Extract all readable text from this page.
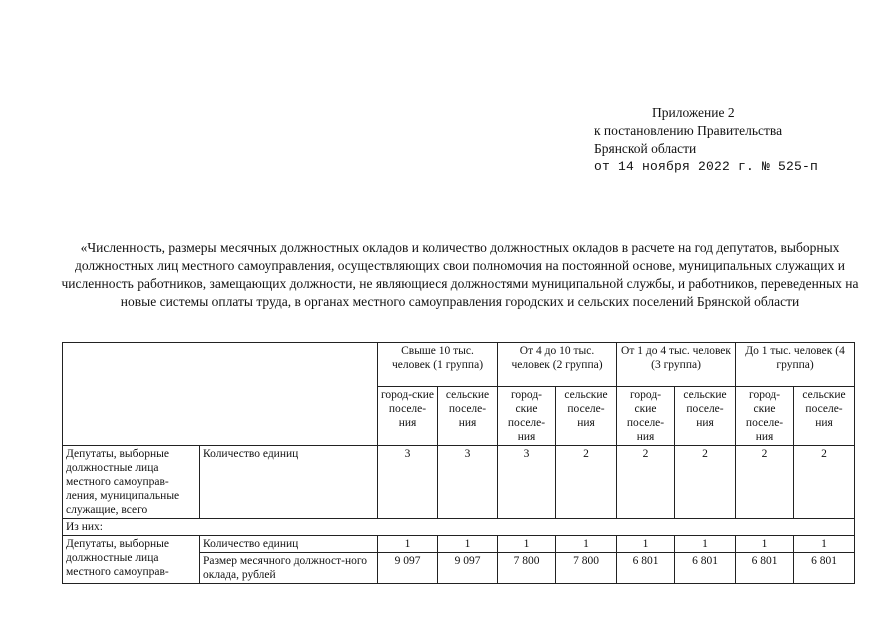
Приложение 2
к постановлению Правительства
Брянской области
от 14 ноября 2022 г. № 525-п
«Численность, размеры месячных должностных окладов и количество должностных окладов в расчете на год депутатов, выборных должностных лиц местного самоуправления, осуществляющих свои полномочия на постоянной основе, муниципальных служащих и численность работников, замещающих должности, не являющиеся должностями муниципальной службы, и работников, переведенных на новые системы оплаты труда, в органах местного самоуправления городских и сельских поселений Брянской области
		Свыше 10 тыс. человек (1 группа)		От 4 до 10 тыс. человек (2 группа)		От 1 до 4 тыс. человек (3 группа)		До 1 тыс. человек (4 группа)	
		город-ские поселе-ния	сельские поселе-ния	город-ские поселе-ния	сельские поселе-ния	город-ские поселе-ния	сельские поселе-ния	город-ские поселе-ния	сельские поселе-ния
Депутаты, выборные должностные лица местного самоуправ-ления, муниципальные служащие, всего	Количество единиц	3	3	3	2	2	2	2	2
Из них:									
Депутаты, выборные должностные лица местного самоуправ-	Количество единиц	1	1	1	1	1	1	1	1
	Размер месячного должност-ного оклада, рублей	9 097	9 097	7 800	7 800	6 801	6 801	6 801	6 801
